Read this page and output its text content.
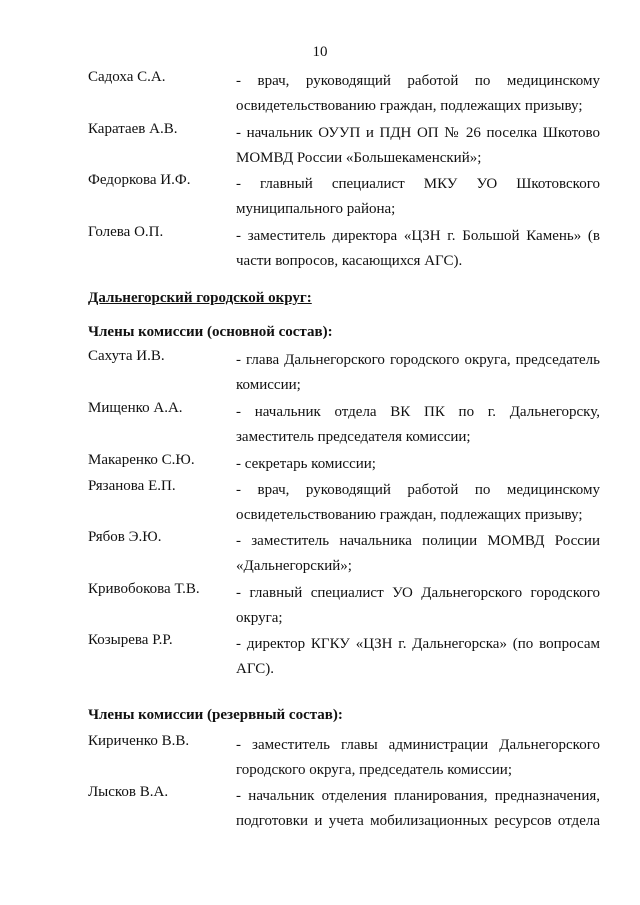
10
Садоха С.А.	- врач, руководящий работой по медицинскому
освидетельствованию граждан, подлежащих призыву;
Каратаев А.В.	- начальник ОУУП и ПДН ОП № 26 поселка Шкотово
МОМВД России «Большекаменский»;
Федоркова И.Ф.	- главный специалист МКУ УО Шкотовского
муниципального района;
Голева О.П.	- заместитель директора «ЦЗН г. Большой Камень» (в
части вопросов, касающихся АГС).
Дальнегорский городской округ:
Члены комиссии (основной состав):
Сахута И.В.	- глава Дальнегорского городского округа, председатель
комиссии;
Мищенко А.А.	- начальник отдела ВК ПК по г. Дальнегорску,
заместитель председателя комиссии;
Макаренко С.Ю.	- секретарь комиссии;
Рязанова Е.П.	- врач, руководящий работой по медицинскому
освидетельствованию граждан, подлежащих призыву;
Рябов Э.Ю.	- заместитель начальника полиции МОМВД России
«Дальнегорский»;
Кривобокова Т.В.	- главный специалист УО Дальнегорского городского
округа;
Козырева Р.Р.	- директор КГКУ «ЦЗН г. Дальнегорска» (по вопросам
АГС).
Члены комиссии (резервный состав):
Кириченко В.В.	- заместитель главы администрации Дальнегорского
городского округа, председатель комиссии;
Лысков В.А.	- начальник отделения планирования, предназначения,
подготовки и учета мобилизационных ресурсов отдела
